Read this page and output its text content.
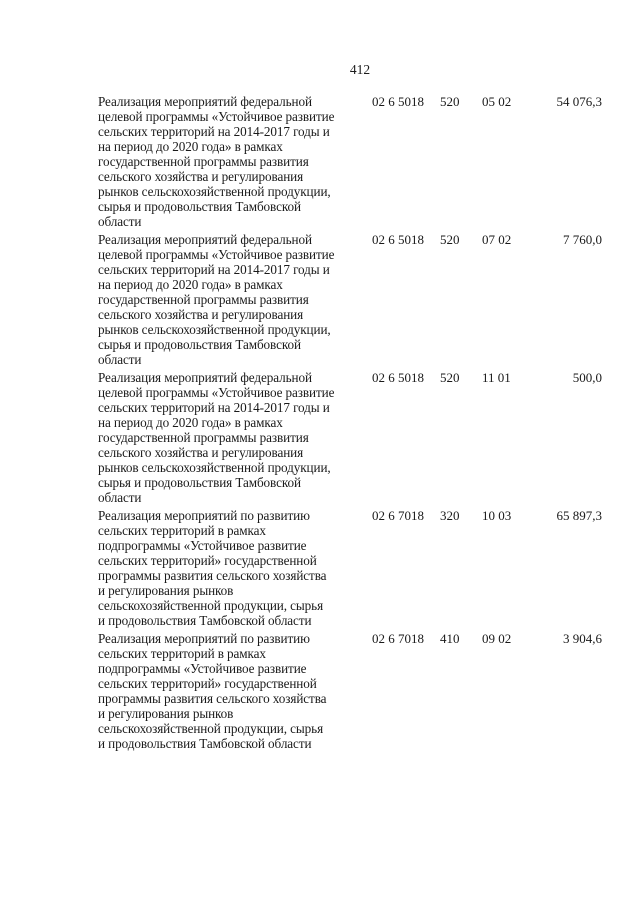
412
Реализация мероприятий федеральной
целевой программы «Устойчивое развитие
сельских территорий на 2014-2017 годы и
на период до 2020 года» в рамках
государственной программы развития
сельского хозяйства и регулирования
рынков сельскохозяйственной продукции,
сырья и продовольствия Тамбовской
области
02 6 5018	520	05 02	54 076,3
Реализация мероприятий федеральной
целевой программы «Устойчивое развитие
сельских территорий на 2014-2017 годы и
на период до 2020 года» в рамках
государственной программы развития
сельского хозяйства и регулирования
рынков сельскохозяйственной продукции,
сырья и продовольствия Тамбовской
области
02 6 5018	520	07 02	7 760,0
Реализация мероприятий федеральной
целевой программы «Устойчивое развитие
сельских территорий на 2014-2017 годы и
на период до 2020 года» в рамках
государственной программы развития
сельского хозяйства и регулирования
рынков сельскохозяйственной продукции,
сырья и продовольствия Тамбовской
области
02 6 5018	520	11 01	500,0
Реализация мероприятий по развитию
сельских территорий в рамках
подпрограммы «Устойчивое развитие
сельских территорий» государственной
программы развития сельского хозяйства
и регулирования рынков
сельскохозяйственной продукции, сырья
и продовольствия Тамбовской области
02 6 7018	320	10 03	65 897,3
Реализация мероприятий по развитию
сельских территорий в рамках
подпрограммы «Устойчивое развитие
сельских территорий» государственной
программы развития сельского хозяйства
и регулирования рынков
сельскохозяйственной продукции, сырья
и продовольствия Тамбовской области
02 6 7018	410	09 02	3 904,6
